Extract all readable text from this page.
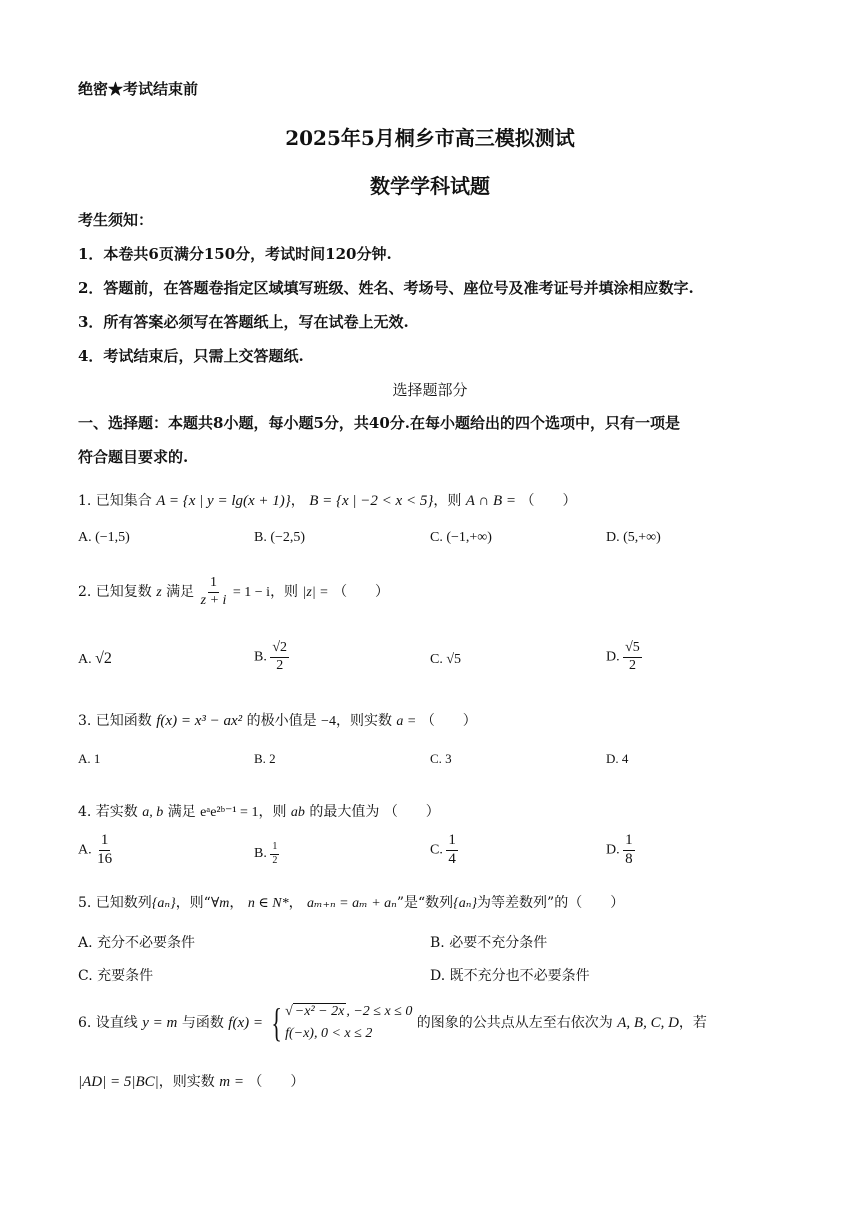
绝密★考试结束前
2025年5月桐乡市高三模拟测试
数学学科试题
考生须知：
1．本卷共6页满分150分，考试时间120分钟.
2．答题前，在答题卷指定区域填写班级、姓名、考场号、座位号及准考证号并填涂相应数字.
3．所有答案必须写在答题纸上，写在试卷上无效.
4．考试结束后，只需上交答题纸.
选择题部分
一、选择题：本题共8小题，每小题5分，共40分.在每小题给出的四个选项中，只有一项是
符合题目要求的.
1. 已知集合 A = {x | y = lg(x + 1)}， B = {x | −2 < x < 5}，则 A ∩ B = （　　）
A. (−1,5)	B. (−2,5)	C. (−1,+∞)	D. (5,+∞)
2. 已知复数 z 满足 $\frac{1}{z + i} = 1 - i$，则 |z| = （　　）
A. √2	B. $\frac{√2}{2}$	C. √5	D. $\frac{√5}{2}$
3. 已知函数 f(x) = x³ − ax² 的极小值是 −4，则实数 a = （　　）
A. 1	B. 2	C. 3	D. 4
4. 若实数 a, b 满足 eᵃe²ᵇ⁻¹ = 1，则 ab 的最大值为 （　　）
A. $\frac{1}{16}$	B. $\frac{1}{2}$	C. $\frac{1}{4}$	D. $\frac{1}{8}$
5. 已知数列{aₙ}，则“∀m， n ∈ N*， aₘ₊ₙ = aₘ + aₙ”是“数列{aₙ}为等差数列”的（　　）
A. 充分不必要条件	B. 必要不充分条件
C. 充要条件	D. 既不充分也不必要条件
6. 设直线 y = m 与函数 f(x) = { √ −x² − 2x , −2 ≤ x ≤ 0
f(−x), 0 < x ≤ 2
的图象的公共点从左至右依次为 A, B, C, D，若
|AD| = 5|BC|，则实数 m = （　　）
